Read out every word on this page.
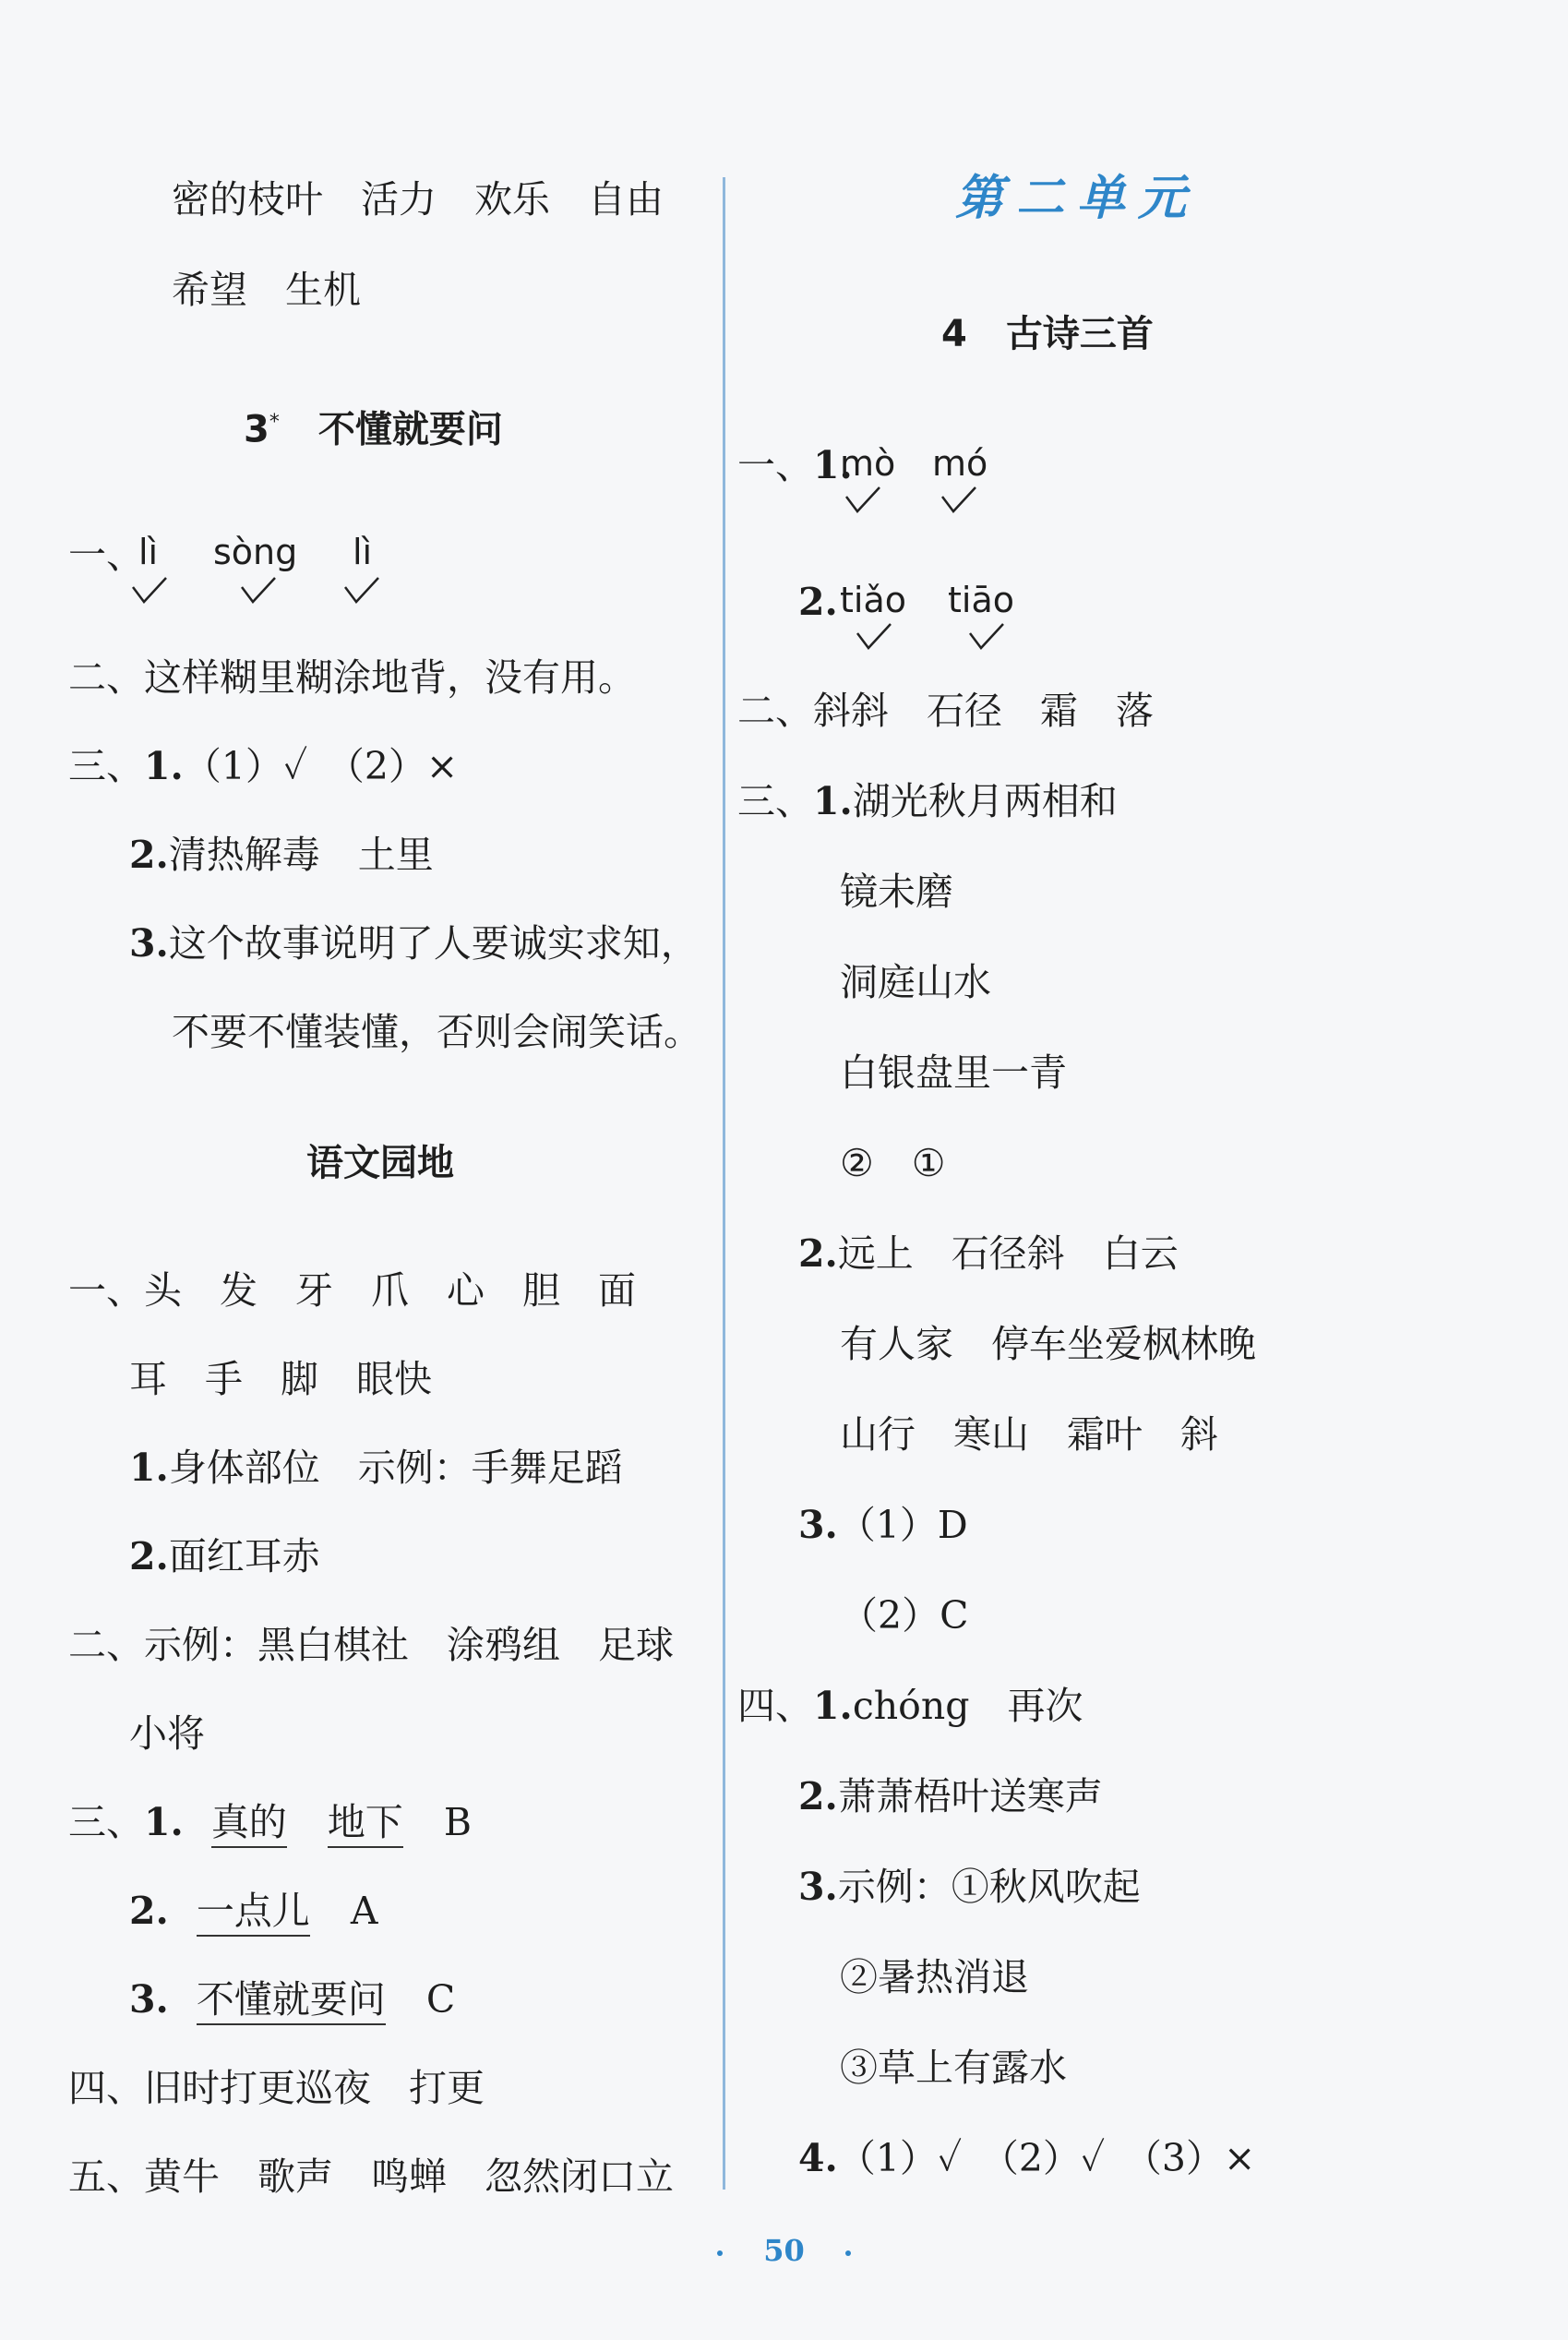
密的枝叶　活力　欢乐　自由
希望　生机
3* 不懂就要问
一、
lì sòng lì
二、这样糊里糊涂地背，没有用。
三、1.（1）✓　（2）×
2.清热解毒　土里
3.这个故事说明了人要诚实求知，
不要不懂装懂，否则会闹笑话。
语文园地
一、头　发　牙　爪　心　胆　面
耳　手　脚　眼快
1.身体部位　示例：手舞足蹈
2.面红耳赤
二、示例：黑白棋社　涂鸦组　足球
小将
三、1. 真的 地下 B
2. 一点儿 A
3. 不懂就要问 C
四、旧时打更巡夜　打更
五、黄牛　歌声　鸣蝉　忽然闭口立
第二单元
4 古诗三首
一、1.
mò mó
2. tiǎo tiāo
二、斜斜　石径　霜　落
三、1.湖光秋月两相和
镜未磨
洞庭山水
白银盘里一青
②　①
2.远上　石径斜　白云
有人家　停车坐爱枫林晚
山行　寒山　霜叶　斜
3.（1）D
（2）C
四、1.chóng　再次
2.萧萧梧叶送寒声
3.示例：①秋风吹起
②暑热消退
③草上有露水
4.（1）✓　（2）✓　（3）×
50
